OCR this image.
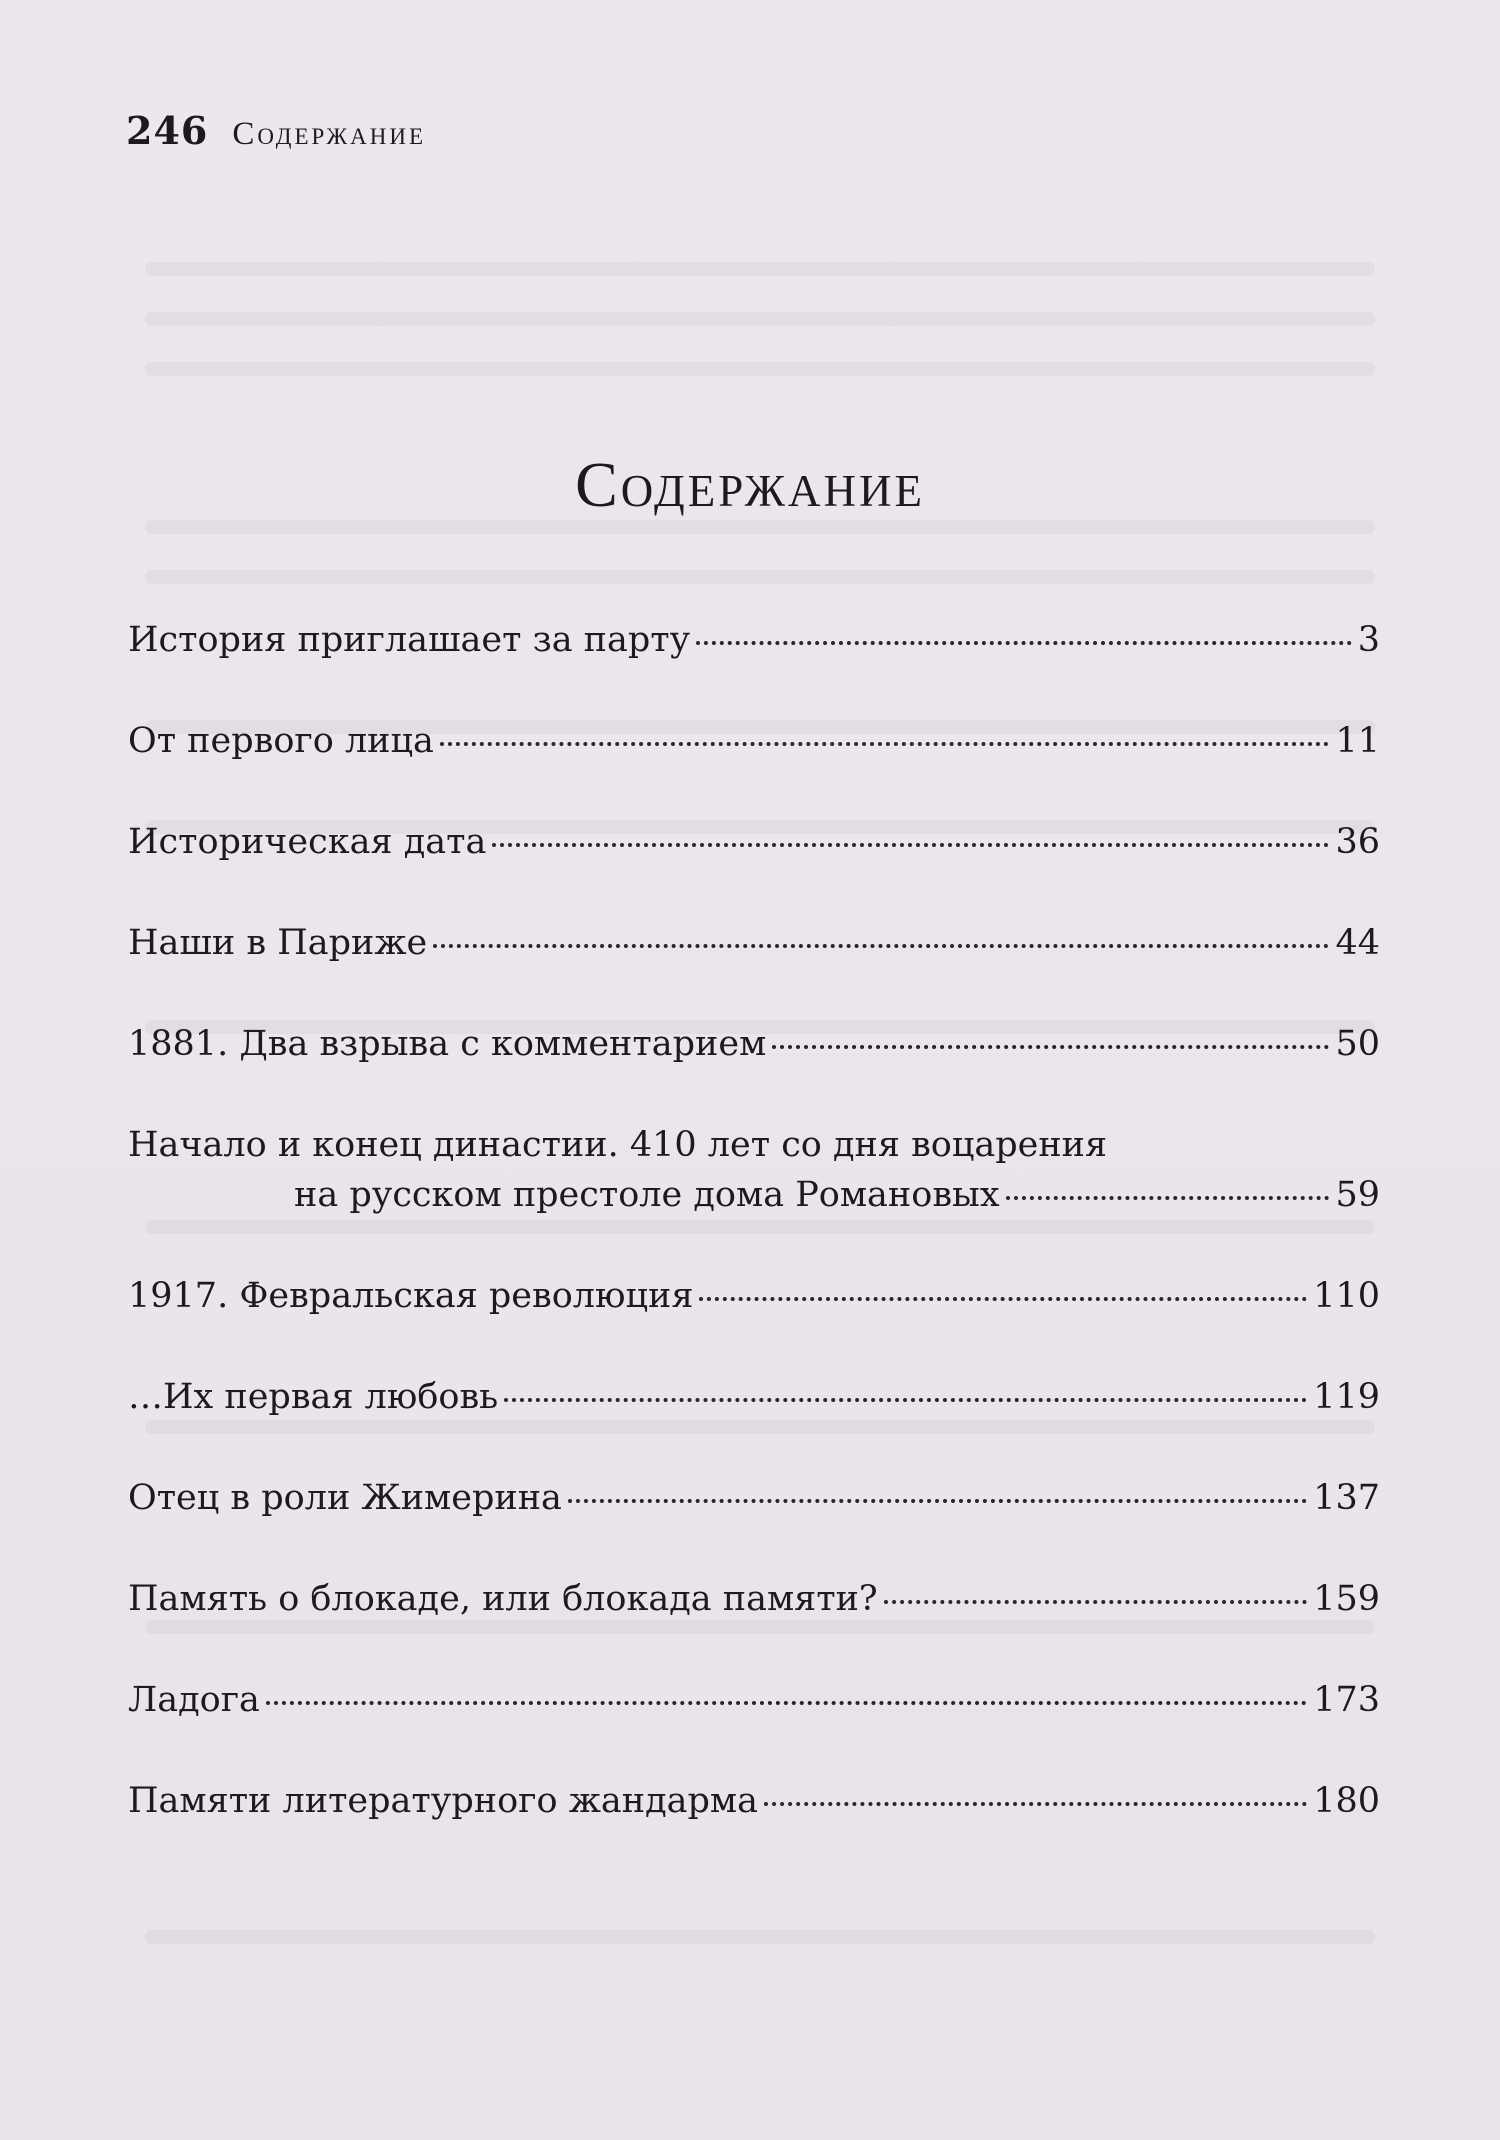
246 Содержание
Содержание
История приглашает за парту	3
От первого лица	11
Историческая дата	36
Наши в Париже	44
1881. Два взрыва с комментарием	50
Начало и конец династии. 410 лет со дня воцарения
на русском престоле дома Романовых	59
1917. Февральская революция	110
…Их первая любовь	119
Отец в роли Жимерина	137
Память о блокаде, или блокада памяти?	159
Ладога	173
Памяти литературного жандарма	180
